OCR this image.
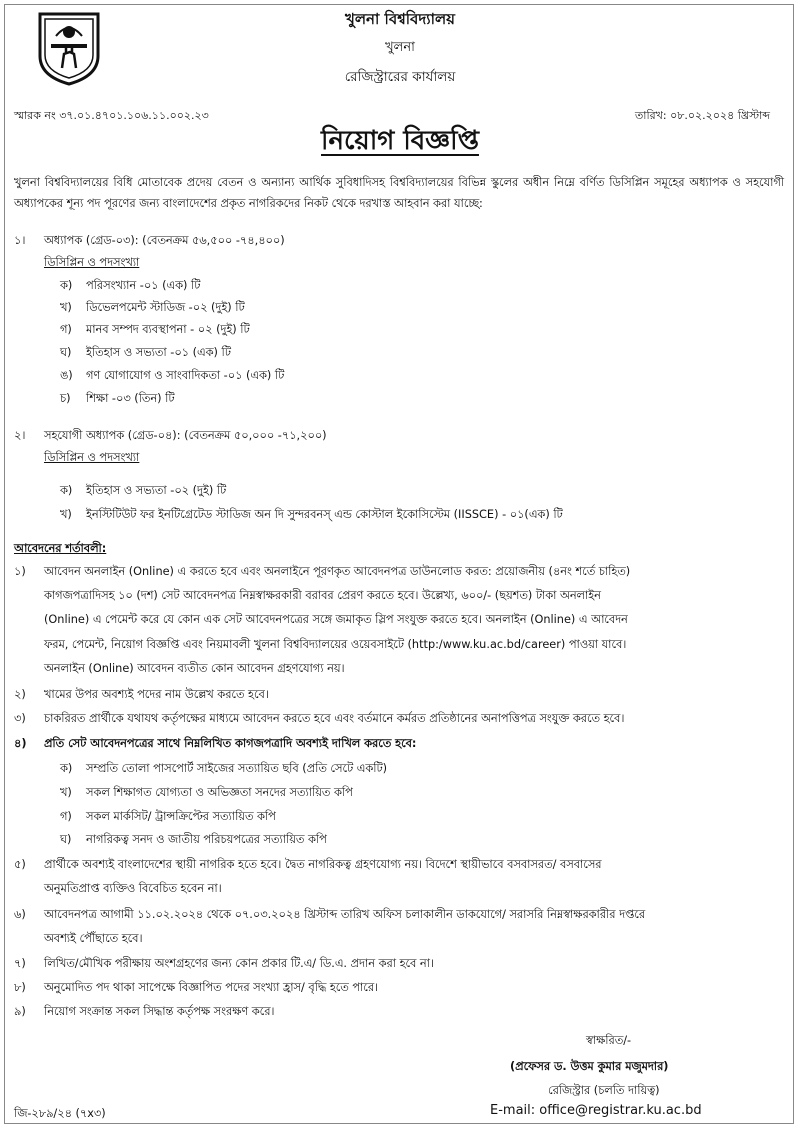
খুলনা বিশ্ববিদ্যালয়
খুলনা
রেজিস্ট্রারের কার্যালয়
স্মারক নং ৩৭.০১.৪৭০১.১০৬.১১.০০২.২৩	তারিখ: ০৮.০২.২০২৪ খ্রিস্টাব্দ
নিয়োগ বিজ্ঞপ্তি
খুলনা বিশ্ববিদ্যালয়ের বিধি মোতাবেক প্রদেয় বেতন ও অন্যান্য আর্থিক সুবিধাদিসহ বিশ্ববিদ্যালয়ের বিভিন্ন স্কুলের অধীন নিম্নে বর্ণিত ডিসিপ্লিন সমূহের অধ্যাপক ও সহযোগী অধ্যাপকের শূন্য পদ পূরণের জন্য বাংলাদেশের প্রকৃত নাগরিকদের নিকট থেকে দরখাস্ত আহবান করা যাচ্ছে:
১। অধ্যাপক (গ্রেড-০৩): (বেতনক্রম ৫৬,৫০০ -৭৪,৪০০)
ডিসিপ্লিন ও পদসংখ্যা
ক) পরিসংখ্যান -০১ (এক) টি
খ) ডিভেলপমেন্ট স্টাডিজ -০২ (দুই) টি
গ) মানব সম্পদ ব্যবস্থাপনা - ০২ (দুই) টি
ঘ) ইতিহাস ও সভ্যতা -০১ (এক) টি
ঙ) গণ যোগাযোগ ও সাংবাদিকতা -০১ (এক) টি
চ) শিক্ষা -০৩ (তিন) টি
২। সহযোগী অধ্যাপক (গ্রেড-০৪): (বেতনক্রম ৫০,০০০ -৭১,২০০)
ডিসিপ্লিন ও পদসংখ্যা
ক) ইতিহাস ও সভ্যতা -০২ (দুই) টি
খ) ইনস্টিটিউট ফর ইনটিগ্রেটেড স্টাডিজ অন দি সুন্দরবনস্ এন্ড কোস্টাল ইকোসিস্টেম (IISSCE) - ০১(এক) টি
আবেদনের শর্তাবলী:
১) আবেদন অনলাইন (Online) এ করতে হবে এবং অনলাইনে পূরণকৃত আবেদনপত্র ডাউনলোড করত: প্রয়োজনীয় (৪নং শর্তে চাহিত)
কাগজপত্রাদিসহ ১০ (দশ) সেট আবেদনপত্র নিম্নস্বাক্ষরকারী বরাবর প্রেরণ করতে হবে। উল্লেখ্য, ৬০০/- (ছয়শত) টাকা অনলাইন
(Online) এ পেমেন্ট করে যে কোন এক সেট আবেদনপত্রের সঙ্গে জমাকৃত স্লিপ সংযুক্ত করতে হবে। অনলাইন (Online) এ আবেদন
ফরম, পেমেন্ট, নিয়োগ বিজ্ঞপ্তি এবং নিয়মাবলী খুলনা বিশ্ববিদ্যালয়ের ওয়েবসাইটে (http:/www.ku.ac.bd/career) পাওয়া যাবে।
অনলাইন (Online) আবেদন ব্যতীত কোন আবেদন গ্রহণযোগ্য নয়।
২) খামের উপর অবশ্যই পদের নাম উল্লেখ করতে হবে।
৩) চাকরিরত প্রার্থীকে যথাযথ কর্তৃপক্ষের মাধ্যমে আবেদন করতে হবে এবং বর্তমানে কর্মরত প্রতিষ্ঠানের অনাপত্তিপত্র সংযুক্ত করতে হবে।
৪) প্রতি সেট আবেদনপত্রের সাথে নিম্নলিখিত কাগজপত্রাদি অবশ্যই দাখিল করতে হবে:
ক) সম্প্রতি তোলা পাসপোর্ট সাইজের সত্যায়িত ছবি (প্রতি সেটে একটি)
খ) সকল শিক্ষাগত যোগ্যতা ও অভিজ্ঞতা সনদের সত্যায়িত কপি
গ) সকল মার্কসিট/ ট্রান্সক্রিপ্টের সত্যায়িত কপি
ঘ) নাগরিকত্ব সনদ ও জাতীয় পরিচয়পত্রের সত্যায়িত কপি
৫) প্রার্থীকে অবশ্যই বাংলাদেশের স্থায়ী নাগরিক হতে হবে। দ্বৈত নাগরিকত্ব গ্রহণযোগ্য নয়। বিদেশে স্থায়ীভাবে বসবাসরত/ বসবাসের
অনুমতিপ্রাপ্ত ব্যক্তিও বিবেচিত হবেন না।
৬) আবেদনপত্র আগামী ১১.০২.২০২৪ থেকে ০৭.০৩.২০২৪ খ্রিস্টাব্দ তারিখ অফিস চলাকালীন ডাকযোগে/ সরাসরি নিম্নস্বাক্ষরকারীর দপ্তরে
অবশ্যই পৌঁছাতে হবে।
৭) লিখিত/মৌখিক পরীক্ষায় অংশগ্রহণের জন্য কোন প্রকার টি.এ/ ডি.এ. প্রদান করা হবে না।
৮) অনুমোদিত পদ থাকা সাপেক্ষে বিজ্ঞাপিত পদের সংখ্যা হ্রাস/ বৃদ্ধি হতে পারে।
৯) নিয়োগ সংক্রান্ত সকল সিদ্ধান্ত কর্তৃপক্ষ সংরক্ষণ করে।
স্বাক্ষরিত/-
(প্রফেসর ড. উত্তম কুমার মজুমদার)
রেজিস্ট্রার (চলতি দায়িত্ব)
E-mail: office@registrar.ku.ac.bd
জি-২৮৯/২৪ (৭x৩)
